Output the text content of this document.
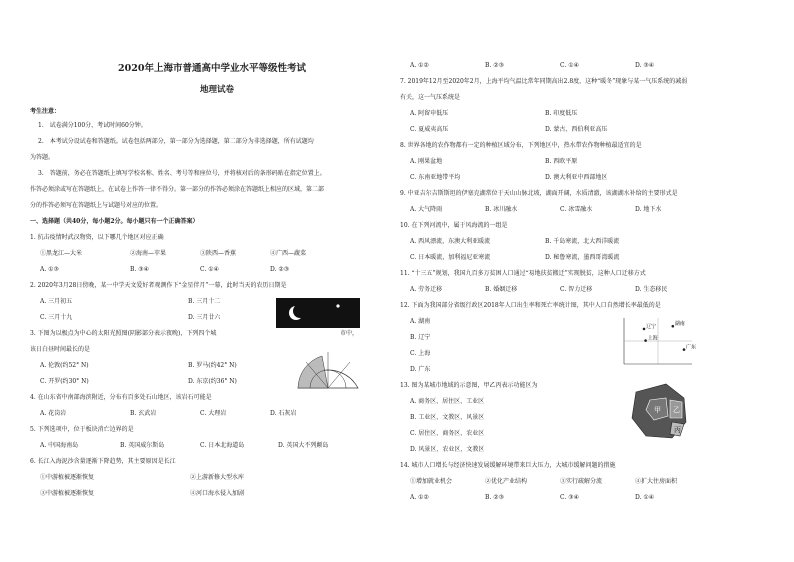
2020年上海市普通高中学业水平等级性考试
地理试卷
考生注意：
1.　试卷满分100分，考试时间60分钟。
2.　本考试分设试卷和答题纸。试卷包括两部分，第一部分为选择题，第二部分为非选择题，所有试题均
为答题。
3.　答题前，务必在答题纸上填写学校名称、姓名、考号等和座位号，并将核对后的条形码贴在指定位置上。
作答必须涂或写在答题纸上，在试卷上作答一律不得分。第一部分的作答必须涂在答题纸上相应的区域，第二部
分的作答必须写在答题纸上与试题号对应的位置。
一、选择题（共40分，每小题2分。每小题只有一个正确答案）
1. 抗击疫情时武汉物资，以下哪几个地区对应正确
①黑龙江—大米	②海南—苹果	③陕西—香蕉	④广西—蔬菜
A. ①③	B. ③④	C. ①④	D. ②③
2. 2020年3月28日傍晚，某一中学天文爱好者观测作下“金星伴月”一幕，此时当天的农历日期是
A. 三月初五	B. 三月十二
C. 三月十九	D. 三月廿六
3. 下图为以极点为中心的太阳光照图(阴影部分表示夜晚)，下列四个城	市中，
该日白昼时间最长的是
A. 伦敦(约52° N)	B. 罗马(约42° N)
C. 开罗(约30° N)	D. 东京(约36° N)
4. 在山东省中南部海滨附近，分布有百多处石山地区，该岩石可能是
A. 花岗岩	B. 玄武岩	C. 大理岩	D. 石灰岩
5. 下列选项中，位于板块消亡边界的是
A. 中国海南岛	B. 英国威尔斯岛	C. 日本北海道岛	D. 英国大不列颠岛
6. 长江入海泥沙含量逐渐下降趋势，其主要原因是长江
①中游植被逐渐恢复	②上游新修大型水库
③中游植被逐渐恢复	④河口海水侵入加剧
A. ①②	B. ②③	C. ①④	D. ③④
7. 2019年12月至2020年2月，上海平均气温比常年同期高出2.8度，这种“暖冬”现象与某一气压系统的减弱
有关，这一气压系统是
A. 阿留申低压	B. 印度低压
C. 夏威夷高压	D. 蒙古、西伯利亚高压
8. 世界各地的农作物都有一定的种植区域分布，下列地区中，热水带农作物种植最适宜的是
A. 刚果盆地	B. 西欧平原
C. 东南亚地带平均	D. 澳大利亚中西部地区
9. 中亚吉尔吉斯斯坦的伊塞克湖常位于天山山脉北坡，湖面开阔，水质清澈，该湖湖水补给的主要形式是
A. 大气降雨	B. 冰川融水	C. 冰雪融水	D. 地下水
10. 在下列河流中，属于风海流的一组是
A. 西风漂流，东澳大利亚暖流	B. 千岛寒流，北大西洋暖流
C. 日本暖流，加利福尼亚寒流	D. 秘鲁寒流，墨西哥湾暖流
11. “十三五”规划，我国九百多万贫困人口通过“易地扶贫搬迁”实现脱贫，这种人口迁移方式
A. 劳务迁移	B. 婚姻迁移	C. 智力迁移	D. 生态移民
12. 下面为我国部分省级行政区2018年人口出生率和死亡率统计图，其中人口自然增长率最低的是
A. 湖南
B. 辽宁
C. 上海
D. 广东
辽宁	湖南
上海
广东
13. 图为某城市地域的示意图，甲乙丙表示功能区为
A. 商务区、居住区、工业区
B. 工业区、文教区、风景区
C. 居住区、商务区、农业区
D. 风景区、农业区、文教区
甲 乙
丙
14. 城市人口增长与经济快速发展缓解环境带来巨大压力，大城市缓解问题的措施
①增加就业机会	②优化产业结构	③实行疏解分流	④扩大住房面积
A. ①②	B. ②③	C. ③④	D. ①④
